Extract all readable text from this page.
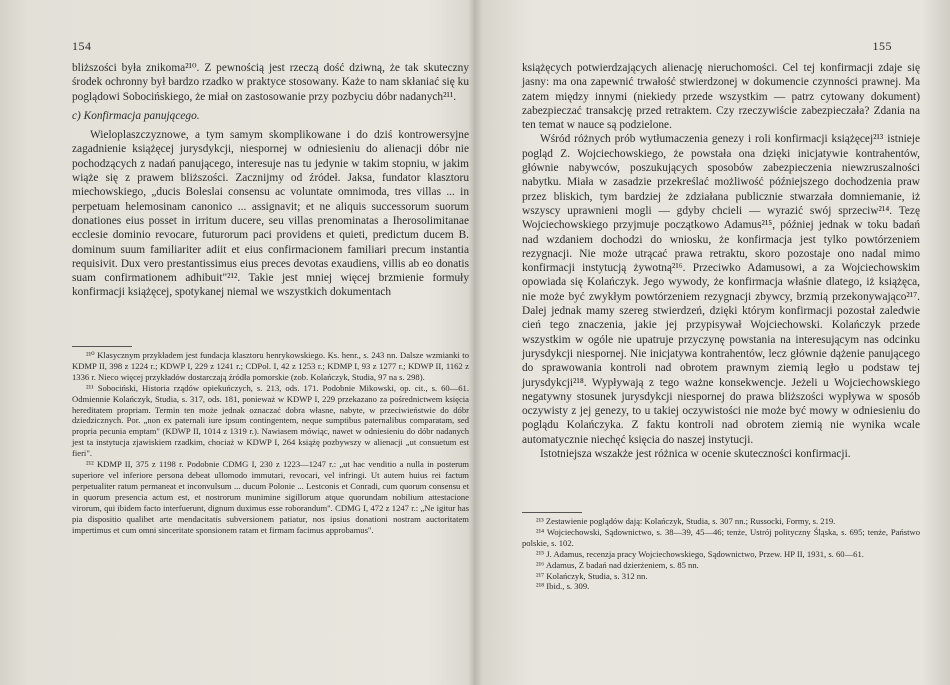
154

bliższości była znikoma²¹⁰. Z pewnością jest rzeczą dość dziwną, że tak skuteczny środek ochronny był bardzo rzadko w praktyce stosowany. Każe to nam skłaniać się ku poglądowi Sobocińskiego, że miał on zastosowanie przy pozbyciu dóbr nadanych²¹¹.

c) Konfirmacja panującego.

Wieloplaszczyznowe, a tym samym skomplikowane i do dziś kontrowersyjne zagadnienie książęcej jurysdykcji, niespornej w odniesieniu do alienacji dóbr nie pochodzących z nadań panującego, interesuje nas tu jedynie w takim stopniu, w jakim wiąże się z prawem bliższości. Zacznijmy od źródeł. Jaksa, fundator klasztoru miechowskiego, „ducis Boleslai consensu ac voluntate omnimoda, tres villas ... in perpetuam helemosinam canonico ... assignavit; et ne aliquis successorum suorum donationes eius posset in irritum ducere, seu villas prenominatas a Iherosolimitanae ecclesie dominio revocare, futurorum paci providens et quieti, predictum ducem B. dominum suum familiariter adiit et eius confirmacionem familiari precum instantia requisivit. Dux vero prestantissimus eius preces devotas exaudiens, villis ab eo donatis suam confirmationem adhibuit"²¹². Takie jest mniej więcej brzmienie formuły konfirmacji książęcej, spotykanej niemal we wszystkich dokumentach

²¹⁰ Klasycznym przykładem jest fundacja klasztoru henrykowskiego. Ks. henr., s. 243 nn. Dalsze wzmianki to KDMP II, 398 z 1224 r.; KDWP I, 229 z 1241 r.; CDPol. I, 42 z 1253 r.; KDMP I, 93 z 1277 r.; KDWP II, 1162 z 1336 r. Nieco więcej przykładów dostarczają źródła pomorskie (zob. Kolańczyk, Studia, 97 na s. 298).

²¹¹ Sobociński, Historia rządów opiekuńczych, s. 213, ods. 171. Podobnie Mikowski, op. cit., s. 60—61. Odmiennie Kolańczyk, Studia, s. 317, ods. 181, ponieważ w KDWP I, 229 przekazano za pośrednictwem księcia hereditatem propriam. Termin ten może jednak oznaczać dobra własne, nabyte, w przeciwieństwie do dóbr dziedzicznych. Por. „non ex paternali iure ipsum contingentem, neque sumptibus paternalibus comparatam, sed propria pecunia emptam" (KDWP II, 1014 z 1319 r.). Nawiasem mówiąc, nawet w odniesieniu do dóbr nadanych jest ta instytucja zjawiskiem rzadkim, chociaż w KDWP I, 264 książę pozbywszy w alienacji „ut consuetum est fieri".

²¹² KDMP II, 375 z 1198 r. Podobnie CDMG I, 230 z 1223—1247 r.: „ut hac venditio a nulla in posterum superiore vel inferiore persona debeat ullomodo immutari, revocari, vel infringi. Ut autem huius rei factum perpetualiter ratum permaneat et inconvulsum ... ducum Polonie ... Lestconis et Conradi, cum quorum consensu et in quorum presencia actum est, et nostrorum munimine sigillorum atque quorundam nobilium attestacione virorum, qui ibidem facto interfuerunt, dignum duximus esse roborandum". CDMG I, 472 z 1247 r.: „Ne igitur has pia dispositio qualibet arte mendacitatis subversionem patiatur, nos ipsius donationi nostram auctoritatem impertimus et cum omni sinceritate sponsionem ratam et firmam facimus approbamus".

155

książęcych potwierdzających alienację nieruchomości. Cel tej konfirmacji zdaje się jasny: ma ona zapewnić trwałość stwierdzonej w dokumencie czynności prawnej. Ma zatem między innymi (niekiedy przede wszystkim — patrz cytowany dokument) zabezpieczać transakcję przed retraktem. Czy rzeczywiście zabezpieczała? Zdania na ten temat w nauce są podzielone.

Wśród różnych prób wytłumaczenia genezy i roli konfirmacji książęcej²¹³ istnieje pogląd Z. Wojciechowskiego, że powstała ona dzięki inicjatywie kontrahentów, głównie nabywców, poszukujących sposobów zabezpieczenia niewzruszalności nabytku. Miała w zasadzie przekreślać możliwość późniejszego dochodzenia praw przez bliskich, tym bardziej że zdziałana publicznie stwarzała domniemanie, iż wszyscy uprawnieni mogli — gdyby chcieli — wyrazić swój sprzeciw²¹⁴. Tezę Wojciechowskiego przyjmuje początkowo Adamus²¹⁵, później jednak w toku badań nad wzdaniem dochodzi do wniosku, że konfirmacja jest tylko powtórzeniem rezygnacji. Nie może utrącać prawa retraktu, skoro pozostaje ono nadal mimo konfirmacji instytucją żywotną²¹⁶. Przeciwko Adamusowi, a za Wojciechowskim opowiada się Kolańczyk. Jego wywody, że konfirmacja właśnie dlatego, iż książęca, nie może być zwykłym powtórzeniem rezygnacji zbywcy, brzmią przekonywająco²¹⁷. Dalej jednak mamy szereg stwierdzeń, dzięki którym konfirmacji pozostał zaledwie cień tego znaczenia, jakie jej przypisywał Wojciechowski. Kolańczyk przede wszystkim w ogóle nie upatruje przyczynę powstania na interesującym nas odcinku jurysdykcji niespornej. Nie inicjatywa kontrahentów, lecz głównie dążenie panującego do sprawowania kontroli nad obrotem prawnym ziemią legło u podstaw tej jurysdykcji²¹⁸. Wypływają z tego ważne konsekwencje. Jeżeli u Wojciechowskiego negatywny stosunek jurysdykcji niespornej do prawa bliższości wypływa w sposób oczywisty z jej genezy, to u takiej oczywistości nie może być mowy w odniesieniu do poglądu Kolańczyka. Z faktu kontroli nad obrotem ziemią nie wynika wcale automatycznie niechęć księcia do naszej instytucji.

Istotniejsza wszakże jest różnica w ocenie skuteczności konfirmacji.

²¹³ Zestawienie poglądów dają: Kolańczyk, Studia, s. 307 nn.; Russocki, Formy, s. 219.

²¹⁴ Wojciechowski, Sądownictwo, s. 38—39, 45—46; tenże, Ustrój polityczny Śląska, s. 695; tenże, Państwo polskie, s. 102.

²¹⁵ J. Adamus, recenzja pracy Wojciechowskiego, Sądownictwo, Przew. HP II, 1931, s. 60—61.

²¹⁶ Adamus, Z badań nad dzierżeniem, s. 85 nn.

²¹⁷ Kolańczyk, Studia, s. 312 nn.

²¹⁸ Ibid., s. 309.
